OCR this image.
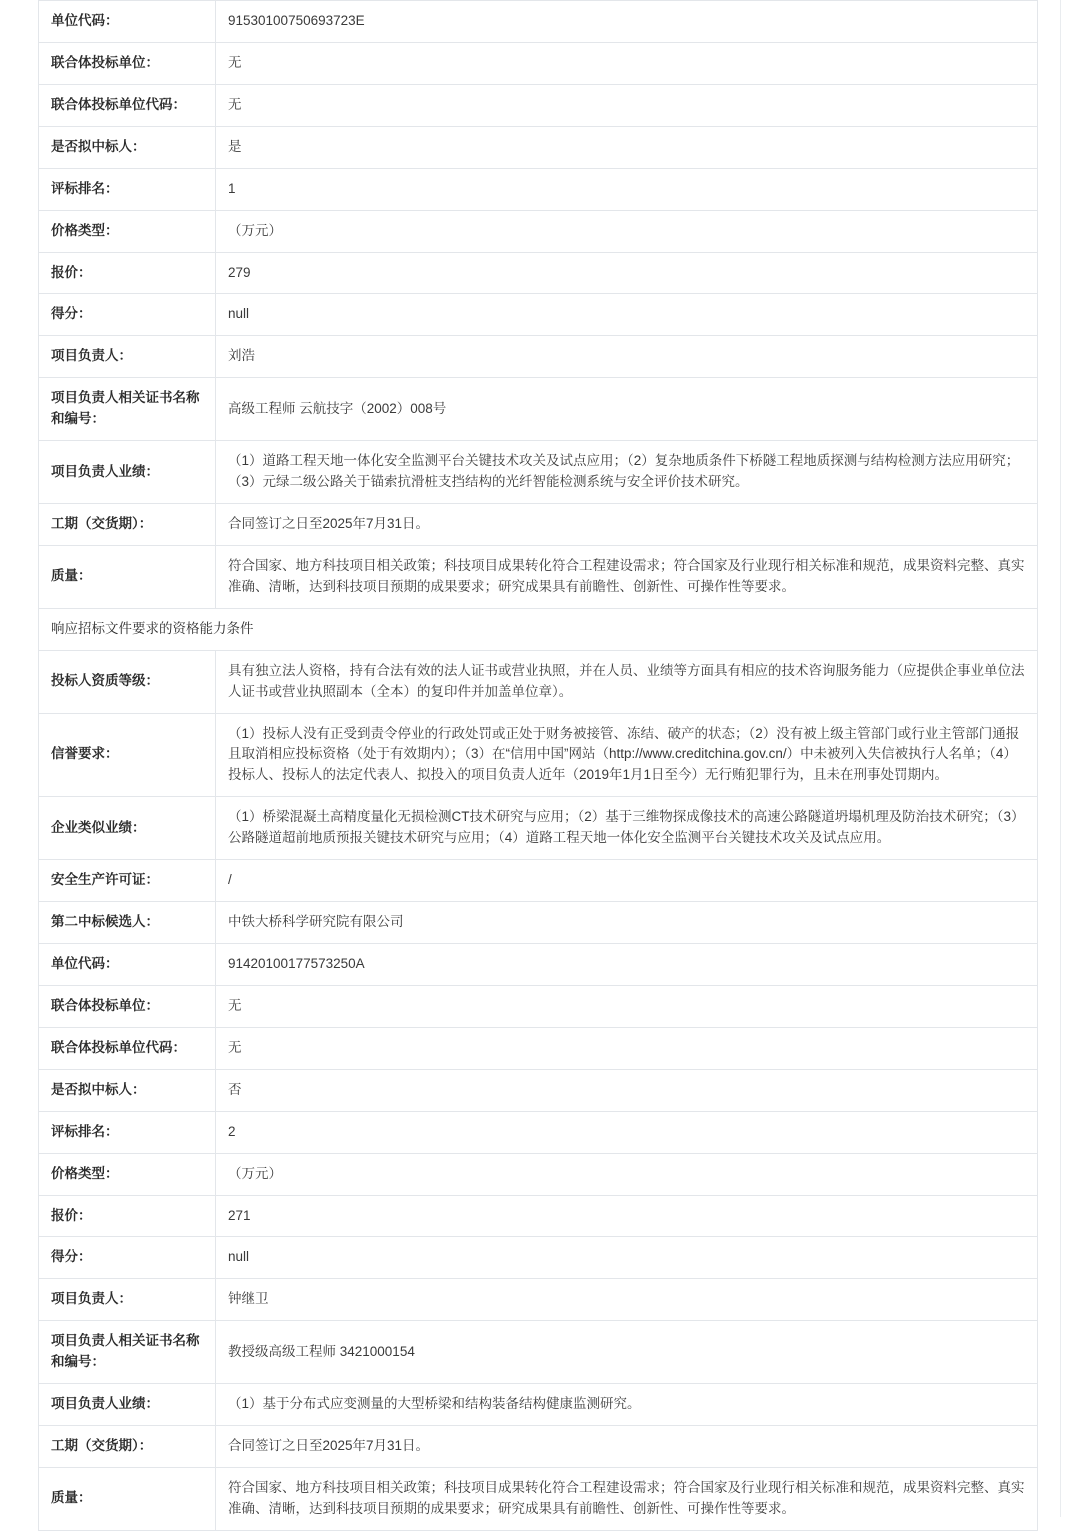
单位代码：	91530100750693723E
联合体投标单位：	无
联合体投标单位代码：	无
是否拟中标人：	是
评标排名：	1
价格类型：	（万元）
报价：	279
得分：	null
项目负责人：	刘浩
项目负责人相关证书名称和编号：	高级工程师 云航技字（2002）008号
项目负责人业绩：	（1）道路工程天地一体化安全监测平台关键技术攻关及试点应用；（2）复杂地质条件下桥隧工程地质探测与结构检测方法应用研究；（3）元绿二级公路关于锚索抗滑桩支挡结构的光纤智能检测系统与安全评价技术研究。
工期（交货期）：	合同签订之日至2025年7月31日。
质量：	符合国家、地方科技项目相关政策；科技项目成果转化符合工程建设需求；符合国家及行业现行相关标准和规范，成果资料完整、真实准确、清晰，达到科技项目预期的成果要求；研究成果具有前瞻性、创新性、可操作性等要求。
响应招标文件要求的资格能力条件	
投标人资质等级：	具有独立法人资格，持有合法有效的法人证书或营业执照，并在人员、业绩等方面具有相应的技术咨询服务能力（应提供企事业单位法人证书或营业执照副本（全本）的复印件并加盖单位章）。
信誉要求：	（1）投标人没有正受到责令停业的行政处罚或正处于财务被接管、冻结、破产的状态；（2）没有被上级主管部门或行业主管部门通报且取消相应投标资格（处于有效期内）；（3）在“信用中国”网站（http://www.creditchina.gov.cn/）中未被列入失信被执行人名单；（4）投标人、投标人的法定代表人、拟投入的项目负责人近年（2019年1月1日至今）无行贿犯罪行为，且未在刑事处罚期内。
企业类似业绩：	（1）桥梁混凝土高精度量化无损检测CT技术研究与应用；（2）基于三维物探成像技术的高速公路隧道坍塌机理及防治技术研究；（3）公路隧道超前地质预报关键技术研究与应用；（4）道路工程天地一体化安全监测平台关键技术攻关及试点应用。
安全生产许可证：	/
第二中标候选人：	中铁大桥科学研究院有限公司
单位代码：	91420100177573250A
联合体投标单位：	无
联合体投标单位代码：	无
是否拟中标人：	否
评标排名：	2
价格类型：	（万元）
报价：	271
得分：	null
项目负责人：	钟继卫
项目负责人相关证书名称和编号：	教授级高级工程师 3421000154
项目负责人业绩：	（1）基于分布式应变测量的大型桥梁和结构装备结构健康监测研究。
工期（交货期）：	合同签订之日至2025年7月31日。
质量：	符合国家、地方科技项目相关政策；科技项目成果转化符合工程建设需求；符合国家及行业现行相关标准和规范，成果资料完整、真实准确、清晰，达到科技项目预期的成果要求；研究成果具有前瞻性、创新性、可操作性等要求。
